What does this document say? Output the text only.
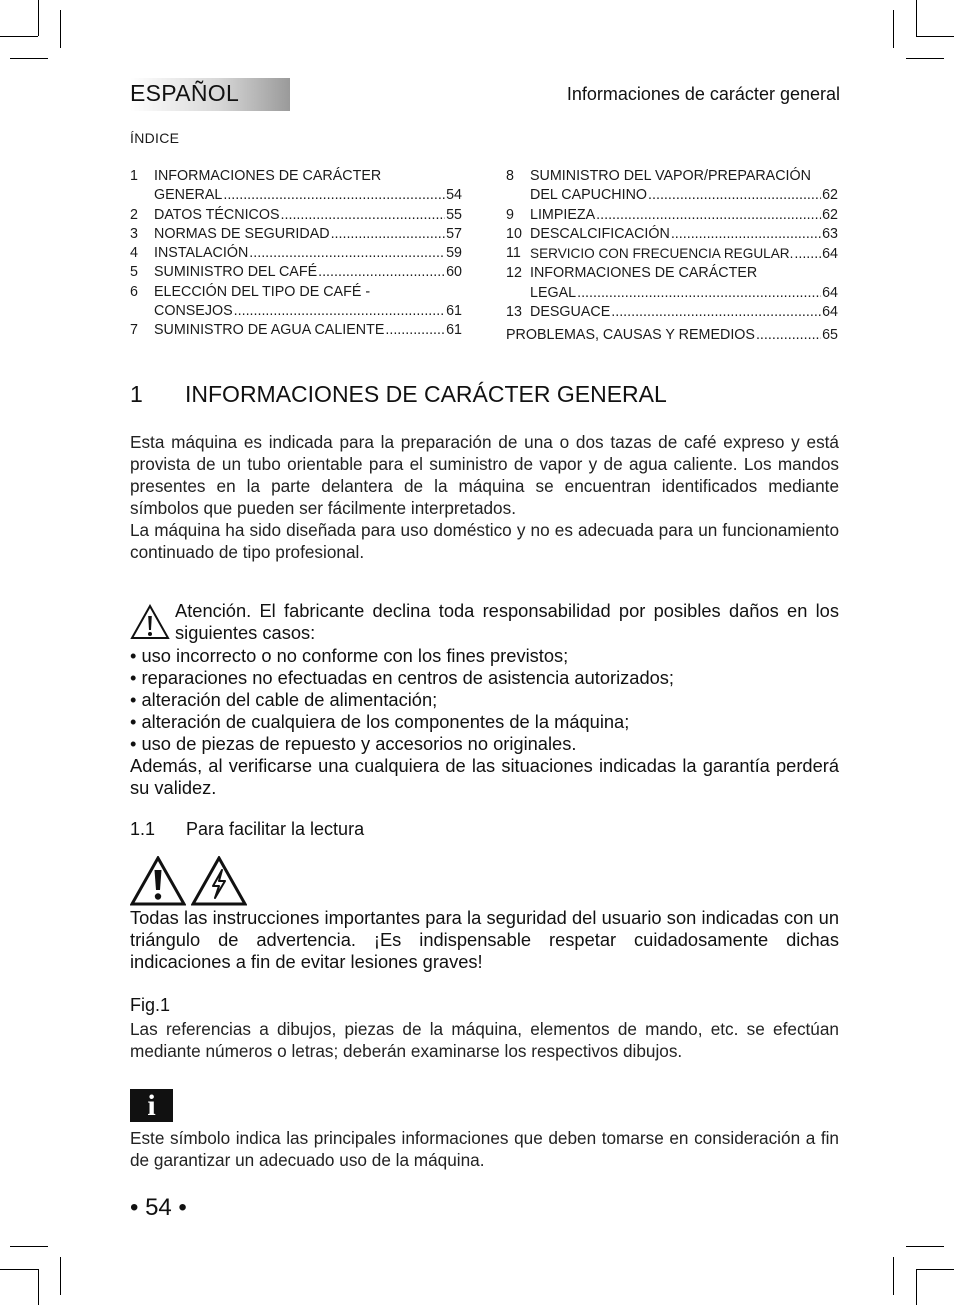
ESPAÑOL	Informaciones de carácter general
ÍNDICE
1	INFORMACIONES DE CARÁCTER
GENERAL .....	54
2	DATOS TÉCNICOS .....	55
3	NORMAS DE SEGURIDAD .....	57
4	INSTALACIÓN .....	59
5	SUMINISTRO DEL CAFÉ .....	60
6	ELECCIÓN DEL TIPO DE CAFÉ -
CONSEJOS .....	61
7	SUMINISTRO DE AGUA CALIENTE .....	61
8	SUMINISTRO DEL VAPOR/PREPARACIÓN
DEL CAPUCHINO .....	62
9	LIMPIEZA .....	62
10 DESCALCIFICACIÓN .....	63
11 SERVICIO CON FRECUENCIA REGULAR. ..... 64
12 INFORMACIONES DE CARÁCTER
LEGAL .....	64
13 DESGUACE .....	64
PROBLEMAS, CAUSAS Y REMEDIOS .....	65
1 INFORMACIONES DE CARÁCTER GENERAL
Esta máquina es indicada para la preparación de una o dos tazas de café expreso y está provista de un tubo orientable para el suministro de vapor y de agua caliente. Los mandos presentes en la parte delantera de la máquina se encuentran identificados mediante símbolos que pueden ser fácilmente interpretados.
La máquina ha sido diseñada para uso doméstico y no es adecuada para un funcionamiento continuado de tipo profesional.
Atención. El fabricante declina toda responsabilidad por posibles daños en los siguientes casos:
• uso incorrecto o no conforme con los fines previstos;
• reparaciones no efectuadas en centros de asistencia autorizados;
• alteración del cable de alimentación;
• alteración de cualquiera de los componentes de la máquina;
• uso de piezas de repuesto y accesorios no originales.
Además, al verificarse una cualquiera de las situaciones indicadas la garantía perderá su validez.
1.1 Para facilitar la lectura
Todas las instrucciones importantes para la seguridad del usuario son indicadas con un triángulo de advertencia. ¡Es indispensable respetar cuidadosamente dichas indicaciones a fin de evitar lesiones graves!
Fig.1
Las referencias a dibujos, piezas de la máquina, elementos de mando, etc. se efectúan mediante números o letras; deberán examinarse los respectivos dibujos.
i
Este símbolo indica las principales informaciones que deben tomarse en consideración a fin de garantizar un adecuado uso de la máquina.
• 54 •
